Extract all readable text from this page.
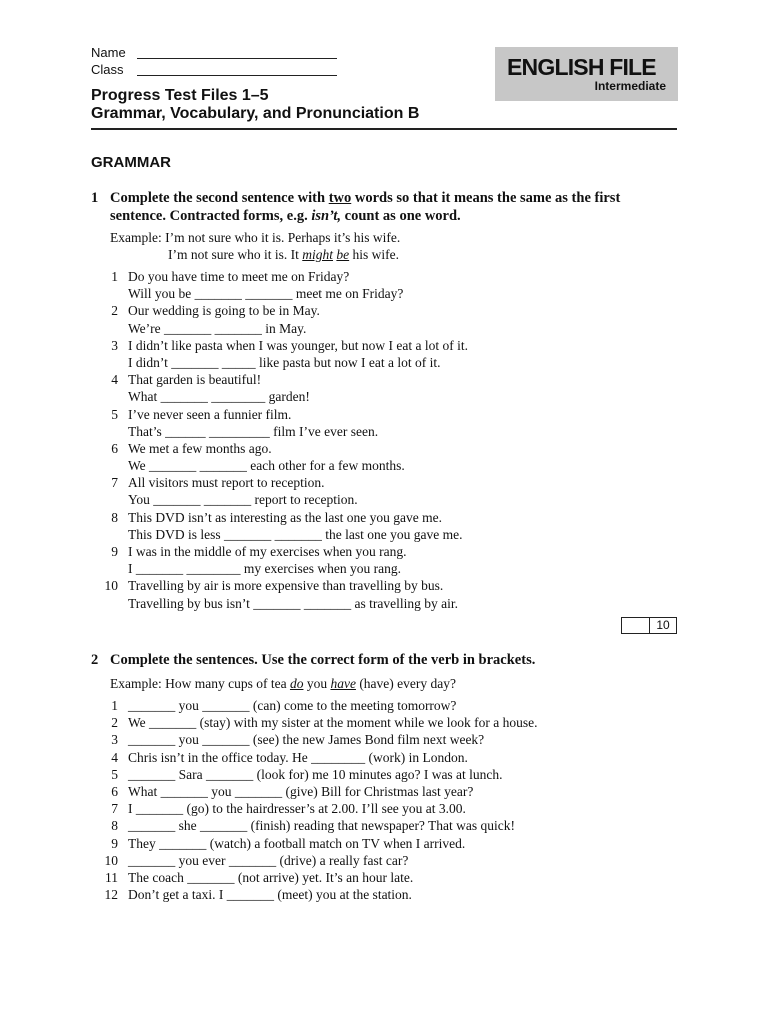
Name
Class	ENGLISH FILE
Intermediate
Progress Test Files 1–5
Grammar, Vocabulary, and Pronunciation B
GRAMMAR
1 Complete the second sentence with two words so that it means the same as the first sentence. Contracted forms, e.g. isn’t, count as one word.
Example: I’m not sure who it is. Perhaps it’s his wife.
I’m not sure who it is. It might be his wife.
1 Do you have time to meet me on Friday?
Will you be _______ _______ meet me on Friday?
2 Our wedding is going to be in May.
We’re _______ _______ in May.
3 I didn’t like pasta when I was younger, but now I eat a lot of it.
I didn’t _______ _____ like pasta but now I eat a lot of it.
4 That garden is beautiful!
What _______ ________ garden!
5 I’ve never seen a funnier film.
That’s ______ _________ film I’ve ever seen.
6 We met a few months ago.
We _______ _______ each other for a few months.
7 All visitors must report to reception.
You _______ _______ report to reception.
8 This DVD isn’t as interesting as the last one you gave me.
This DVD is less _______ _______ the last one you gave me.
9 I was in the middle of my exercises when you rang.
I _______ ________ my exercises when you rang.
10 Travelling by air is more expensive than travelling by bus.
Travelling by bus isn’t _______ _______ as travelling by air.
10
2 Complete the sentences. Use the correct form of the verb in brackets.
Example: How many cups of tea do you have (have) every day?
1 _______ you _______ (can) come to the meeting tomorrow?
2 We _______ (stay) with my sister at the moment while we look for a house.
3 _______ you _______ (see) the new James Bond film next week?
4 Chris isn’t in the office today. He ________ (work) in London.
5 _______ Sara _______ (look for) me 10 minutes ago? I was at lunch.
6 What _______ you _______ (give) Bill for Christmas last year?
7 I _______ (go) to the hairdresser’s at 2.00. I’ll see you at 3.00.
8 _______ she _______ (finish) reading that newspaper? That was quick!
9 They _______ (watch) a football match on TV when I arrived.
10 _______ you ever _______ (drive) a really fast car?
11 The coach _______ (not arrive) yet. It’s an hour late.
12 Don’t get a taxi. I _______ (meet) you at the station.
